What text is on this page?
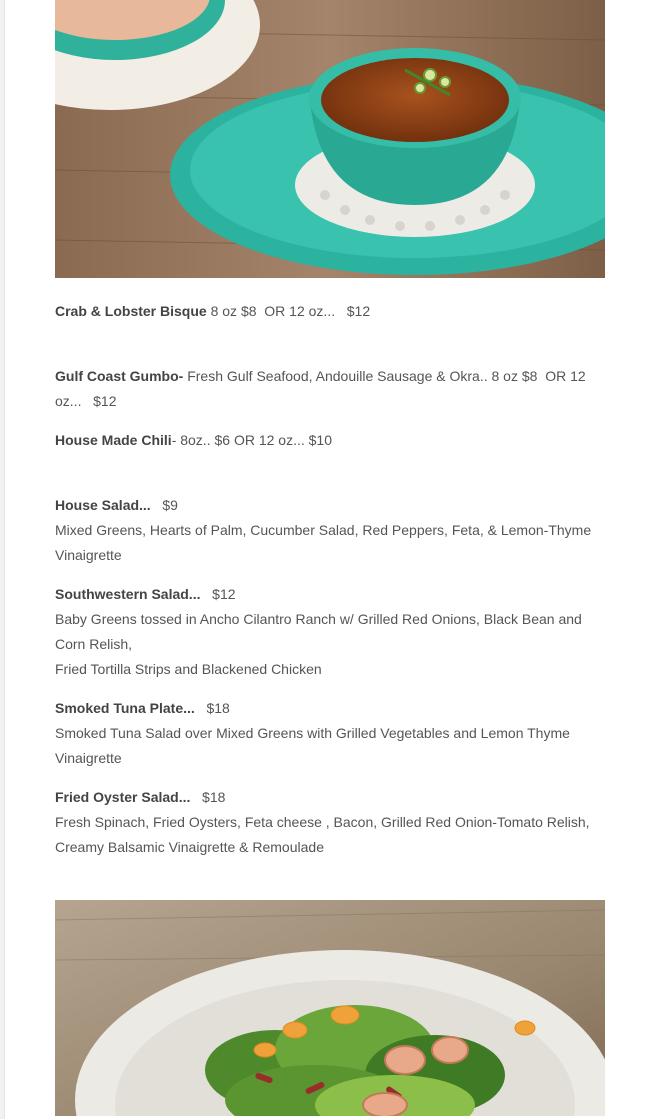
Crab & Lobster Bisque 8 oz $8  OR 12 oz...   $12

Gulf Coast Gumbo- Fresh Gulf Seafood, Andouille Sausage & Okra.. 8 oz $8  OR 12 oz...   $12

House Made Chili- 8oz.. $6 OR 12 oz... $10

House Salad...   $9

Mixed Greens, Hearts of Palm, Cucumber Salad, Red Peppers, Feta, & Lemon-Thyme Vinaigrette

Southwestern Salad...   $12

Baby Greens tossed in Ancho Cilantro Ranch w/ Grilled Red Onions, Black Bean and Corn Relish,

Fried Tortilla Strips and Blackened Chicken

Smoked Tuna Plate...   $18

Smoked Tuna Salad over Mixed Greens with Grilled Vegetables and Lemon Thyme Vinaigrette

Fried Oyster Salad...   $18

Fresh Spinach, Fried Oysters, Feta cheese , Bacon, Grilled Red Onion-Tomato Relish, Creamy Balsamic Vinaigrette & Remoulade
